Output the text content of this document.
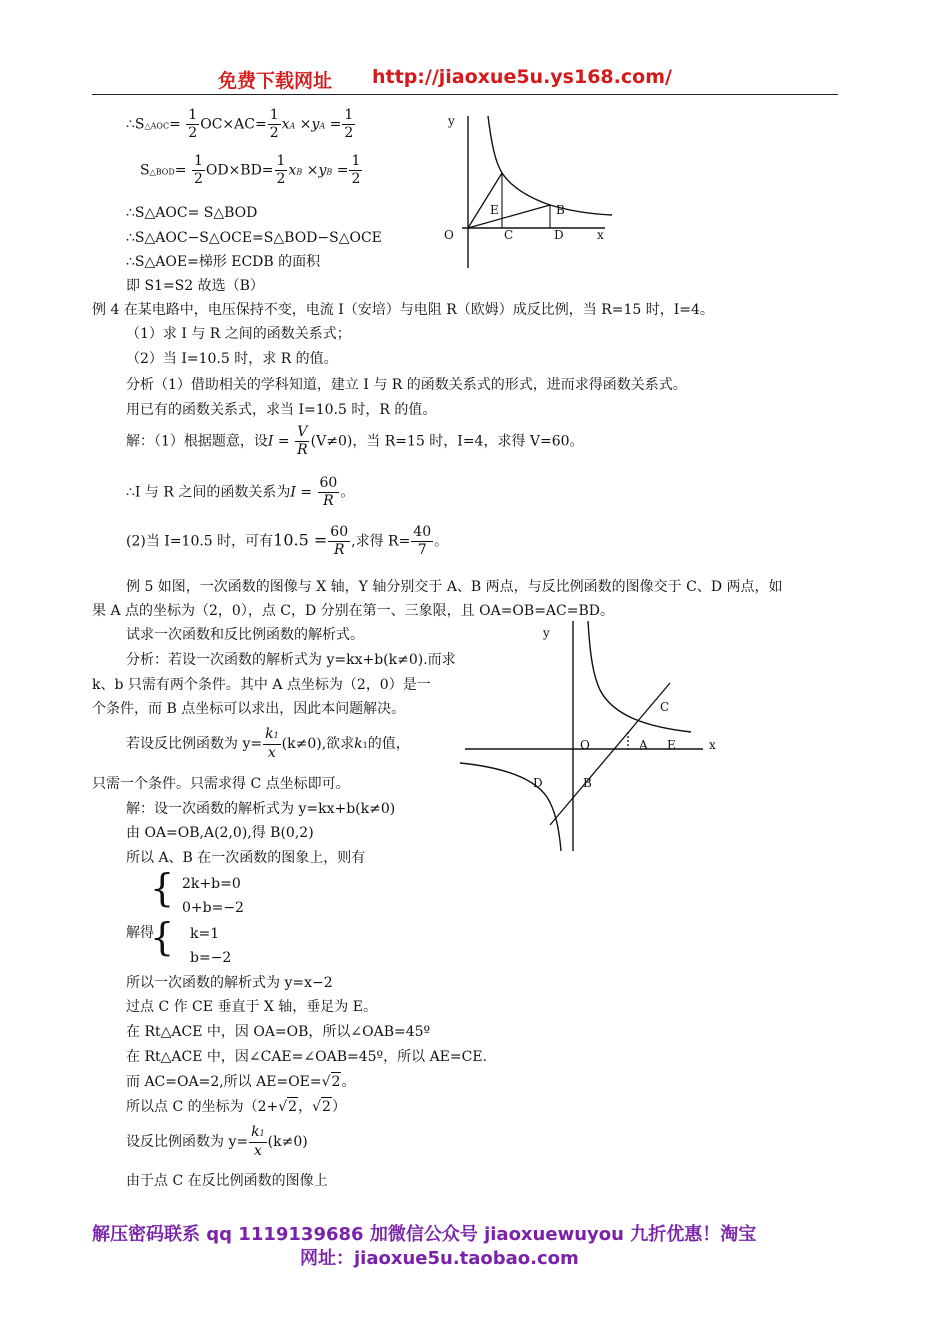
免费下载网址 http://jiaoxue5u.ys168.com/
∴S△AOC= $\frac{1}{2} OC\times AC= \frac{1}{2}$ xA $\times yA = \frac{1}{2}$
S△BOD= $\frac{1}{2} OD\times BD= \frac{1}{2}$ xB $\times yB = \frac{1}{2}$
∴S△AOC= S△BOD
∴S△AOC−S△OCE=S△BOD−S△OCE
∴S△AOE=梯形 ECDB 的面积
即 S1=S2 故选（B）
y
O	C	D	x
E	B
例 4 在某电路中，电压保持不变，电流 I（安培）与电阻 R（欧姆）成反比例，当 R=15 时，I=4。
（1）求 I 与 R 之间的函数关系式；
（2）当 I=10.5 时，求 R 的值。
分析（1）借助相关的学科知道，建立 I 与 R 的函数关系式的形式，进而求得函数关系式。
用已有的函数关系式，求当 I=10.5 时，R 的值。
解：（1）根据题意，设$I = \frac{V}{R} (V\ne 0)$，当 R=15 时，I=4，求得 V=60。
∴I 与 R 之间的函数关系为$I = \frac{60}{R}$ 。
(2)当 I=10.5 时，可有$10.5 = \frac{60}{R}$ ,求得 $R= \frac{40}{7}$ 。
例 5 如图，一次函数的图像与 X 轴，Y 轴分别交于 A、B 两点，与反比例函数的图像交于 C、D 两点，如
果 A 点的坐标为（2，0），点 C，D 分别在第一、三象限，且 OA=OB=AC=BD。
试求一次函数和反比例函数的解析式。
分析：若设一次函数的解析式为 y=kx+b(k≠0).而求
k、b 只需有两个条件。其中 A 点坐标为（2，0）是一
个条件，而 B 点坐标可以求出，因此本问题解决。
若设反比例函数为 $y= \frac{k1}{x} (k\ne 0)$,欲求k1的值，
只需一个条件。只需求得 C 点坐标即可。
y
O	A E
C
x
D	B
解：设一次函数的解析式为 y=kx+b(k≠0)
由 OA=OB,A(2,0),得 B(0,2)
所以 A、B 在一次函数的图象上，则有
{ 2k+b=0
0+b=−2
解得
{ k=1
b=−2
所以一次函数的解析式为 y=x−2
过点 C 作 CE 垂直于 X 轴，垂足为 E。
在 Rt△ACE 中，因 OA=OB，所以∠OAB=45º
在 Rt△ACE 中，因∠CAE=∠OAB=45º，所以 AE=CE.
而 AC=OA=2,所以 AE=OE=√2。
所以点 C 的坐标为（2+√2，√2）
设反比例函数为 $y= \frac{k1}{x} (k\ne 0)$
由于点 C 在反比例函数的图像上
解压密码联系 qq 1119139686 加微信公众号 jiaoxuewuyou 九折优惠！淘宝
网址：jiaoxue5u.taobao.com
